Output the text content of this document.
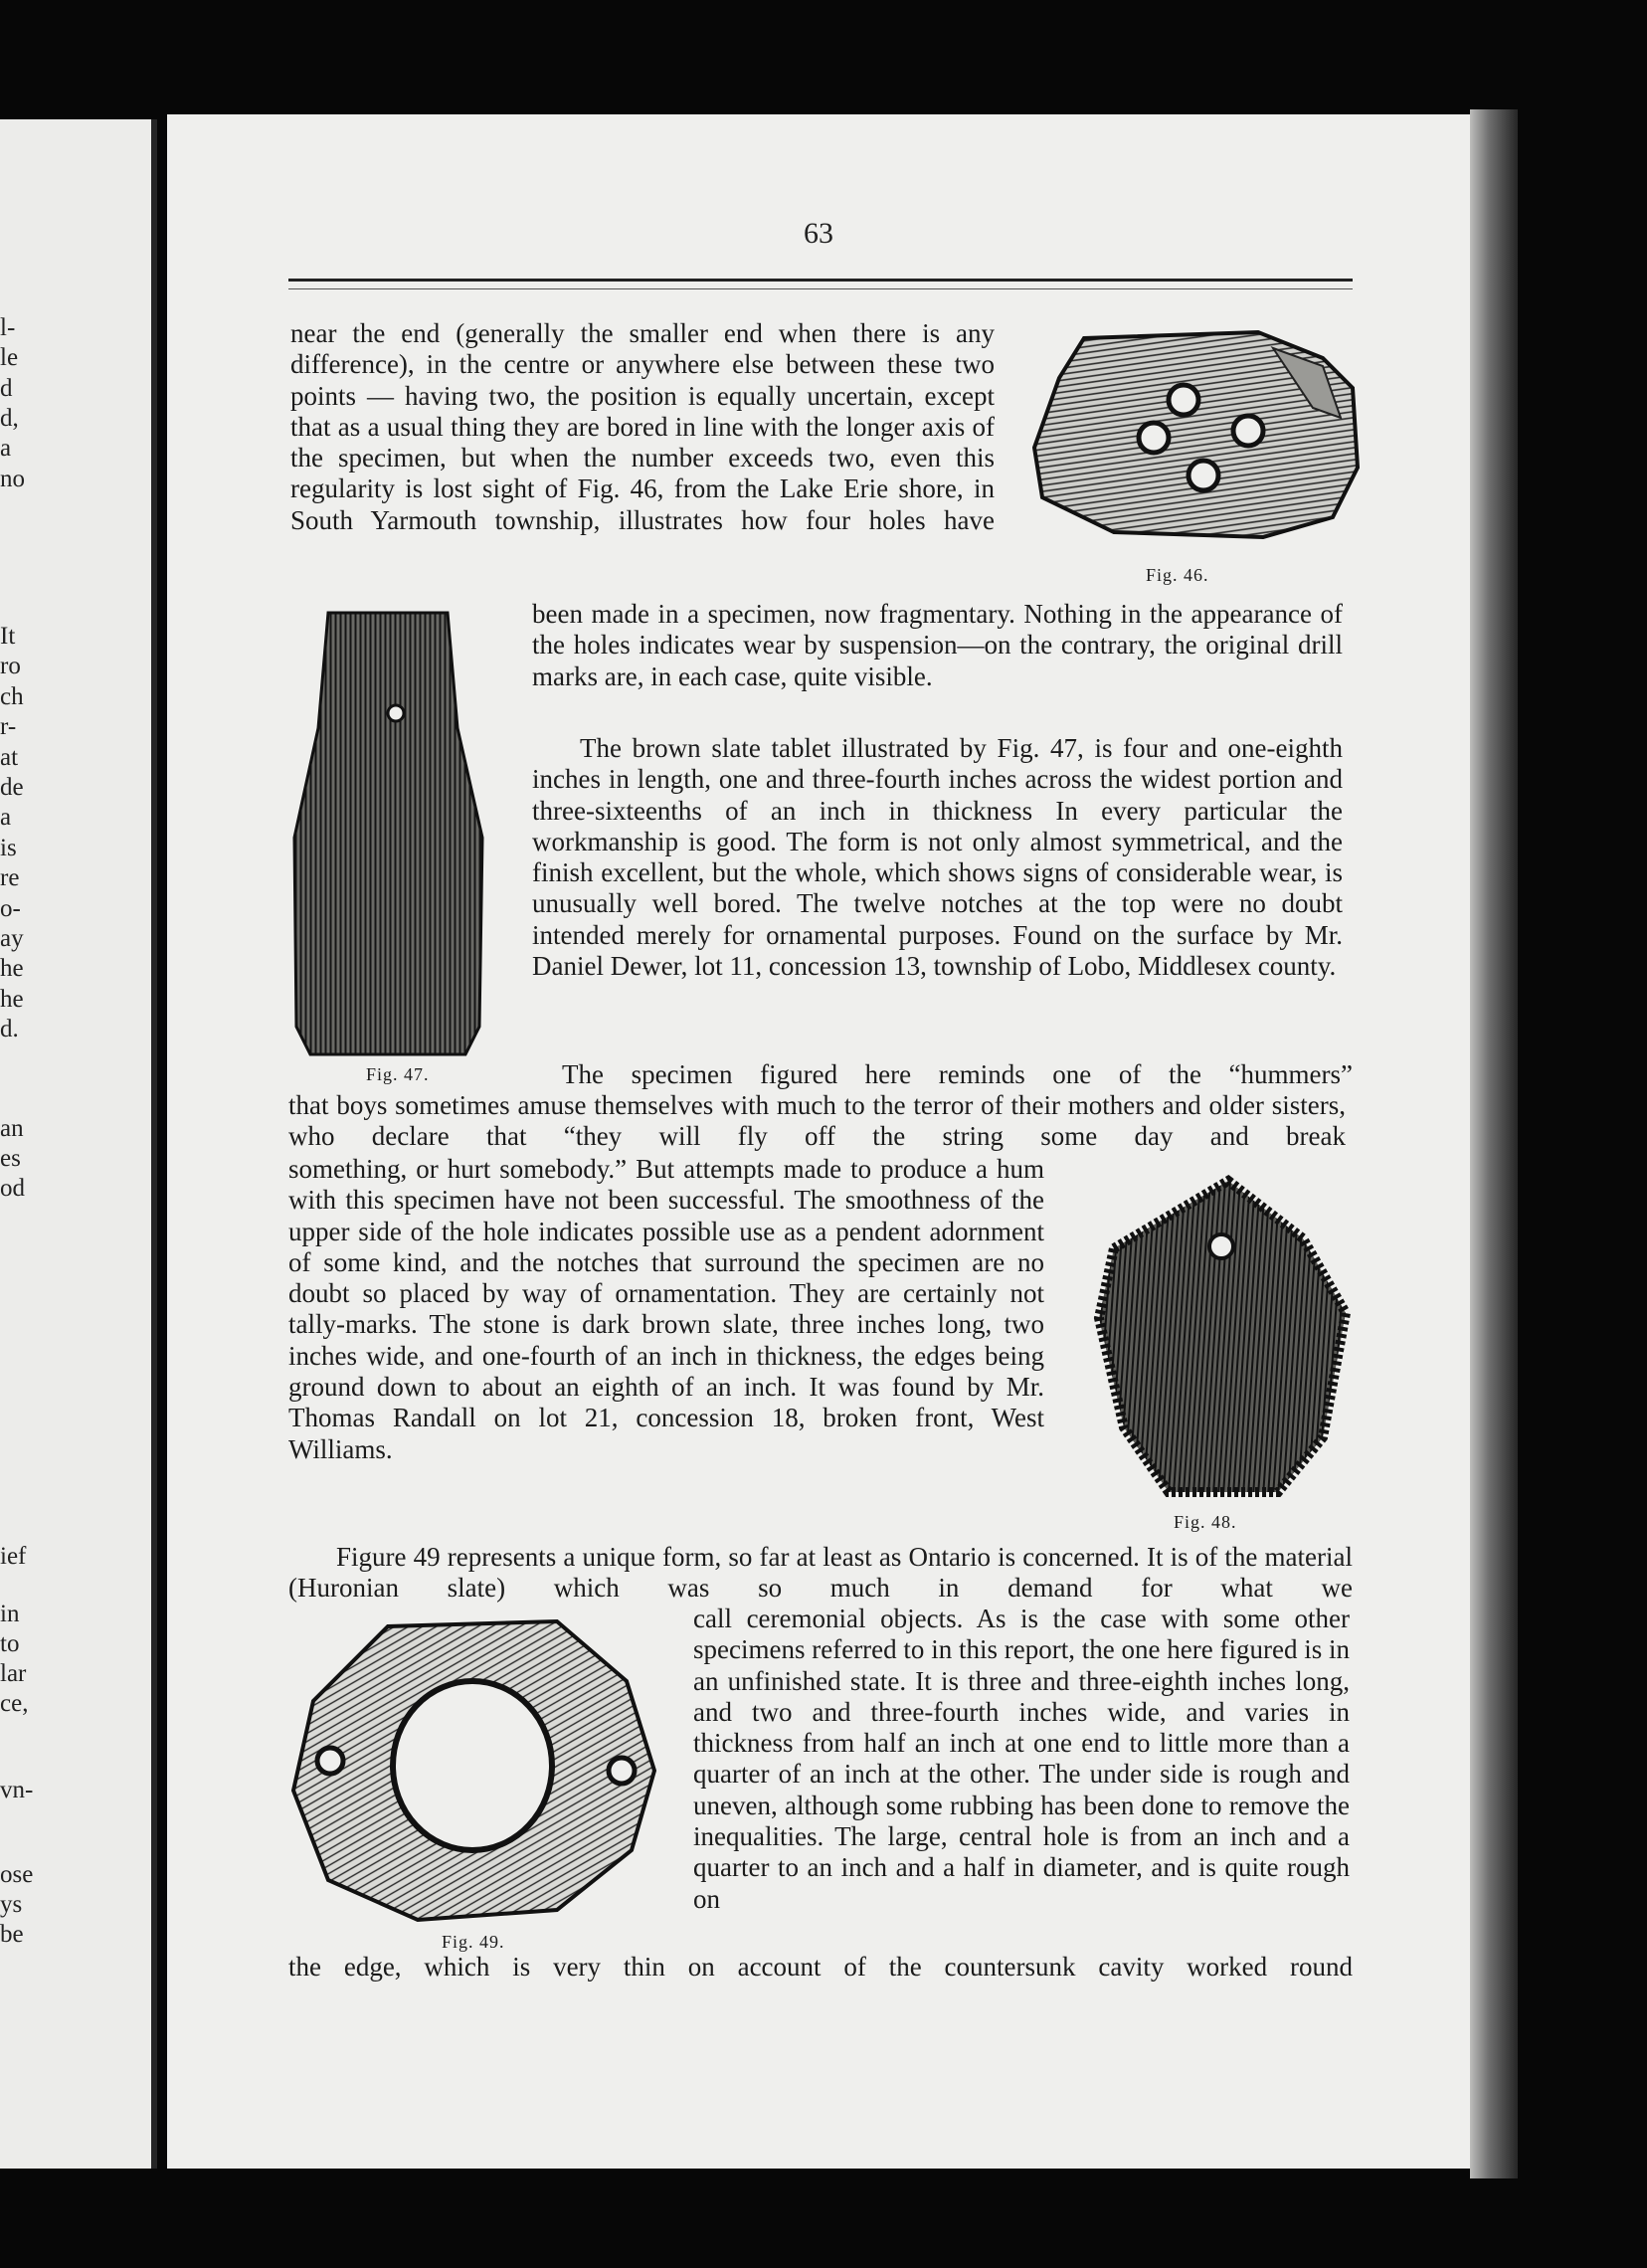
l-
le
d
d,
a
no
It
ro
ch
r-
at
de
a
is
re
o-
ay
he
he
d.
an
es
od
ief
in
to
lar
ce,
vn-
ose
ys
be
63

near the end (generally the smaller end when there is any difference), in the centre or anywhere else between these two points — having two, the position is equally uncertain, except that as a usual thing they are bored in line with the longer axis of the specimen, but when the number exceeds two, even this regularity is lost sight of Fig. 46, from the Lake Erie shore, in South Yarmouth township, illustrates how four holes have

been made in a specimen, now fragmentary. Nothing in the appearance of the holes indicates wear by suspension—on the contrary, the original drill marks are, in each case, quite visible.

The brown slate tablet illustrated by Fig. 47, is four and one-eighth inches in length, one and three-fourth inches across the widest portion and three-sixteenths of an inch in thickness In every particular the workmanship is good. The form is not only almost symmetrical, and the finish excellent, but the whole, which shows signs of considerable wear, is unusually well bored. The twelve notches at the top were no doubt intended merely for ornamental purposes. Found on the surface by Mr. Daniel Dewer, lot 11, concession 13, township of Lobo, Middlesex county.

The specimen figured here reminds one of the “hummers”

that boys sometimes amuse themselves with much to the terror of their mothers and older sisters, who declare that “they will fly off the string some day and break

something, or hurt somebody.” But attempts made to produce a hum with this specimen have not been successful. The smoothness of the upper side of the hole indicates possible use as a pendent adornment of some kind, and the notches that surround the specimen are no doubt so placed by way of ornamentation. They are certainly not tally-marks. The stone is dark brown slate, three inches long, two inches wide, and one-fourth of an inch in thickness, the edges being ground down to about an eighth of an inch. It was found by Mr. Thomas Randall on lot 21, concession 18, broken front, West Williams.

Figure 49 represents a unique form, so far at least as Ontario is concerned. It is of the material (Huronian slate) which was so much in demand for what we

call ceremonial objects. As is the case with some other specimens referred to in this report, the one here figured is in an unfinished state. It is three and three-eighth inches long, and two and three-fourth inches wide, and varies in thickness from half an inch at one end to little more than a quarter of an inch at the other. The under side is rough and uneven, although some rubbing has been done to remove the inequalities. The large, central hole is from an inch and a quarter to an inch and a half in diameter, and is quite rough on

the edge, which is very thin on account of the countersunk cavity worked round

Fig. 46.
Fig. 47.
Fig. 48.
Fig. 49.
